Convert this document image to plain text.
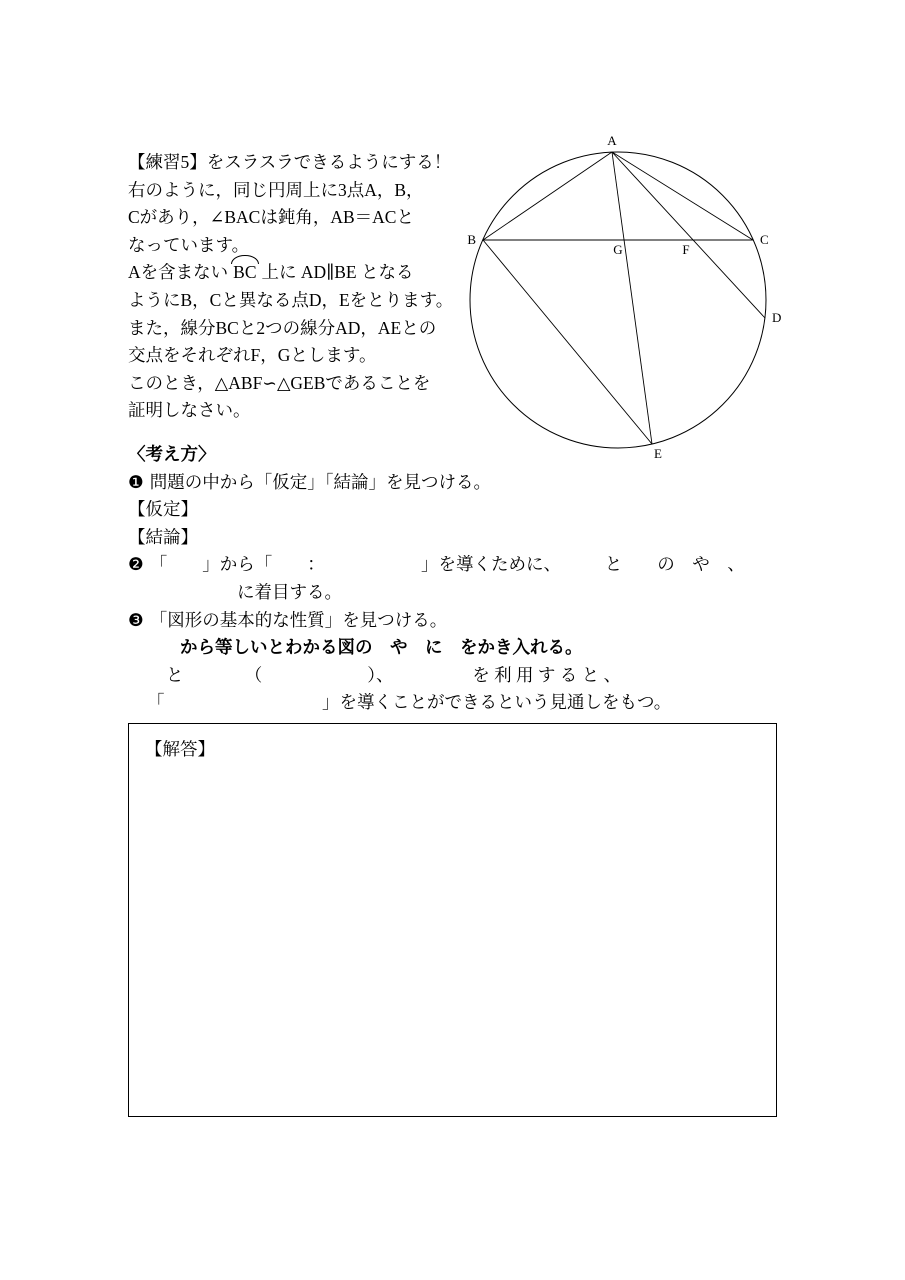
【練習5】をスラスラできるようにする！
右のように，同じ円周上に3点A，B，
Cがあり，∠BACは鈍角，AB＝ACと
なっています。
Aを含まない BC 上に AD∥BE となる
ようにB，Cと異なる点D，Eをとります。
また，線分BCと2つの線分AD，AEとの
交点をそれぞれF，Gとします。
このとき，△ABF∽△GEBであることを
証明しなさい。
A
B	C
D
E
F
G
〈考え方〉
❶ 問題の中から「仮定」「結論」を見つける。
【仮定】
【結論】
❷ 「　　」から「　　：　　　　　　」を導くために、　　　と　　の　や　、
に着目する。
❸ 「図形の基本的な性質」を見つける。
から等しいとわかる図の　や　に　をかき入れる。
と　　　　（　　　　　　）、　　　　　を 利 用 す る と 、
「　　　　　　　　　」を導くことができるという見通しをもつ。
【解答】
